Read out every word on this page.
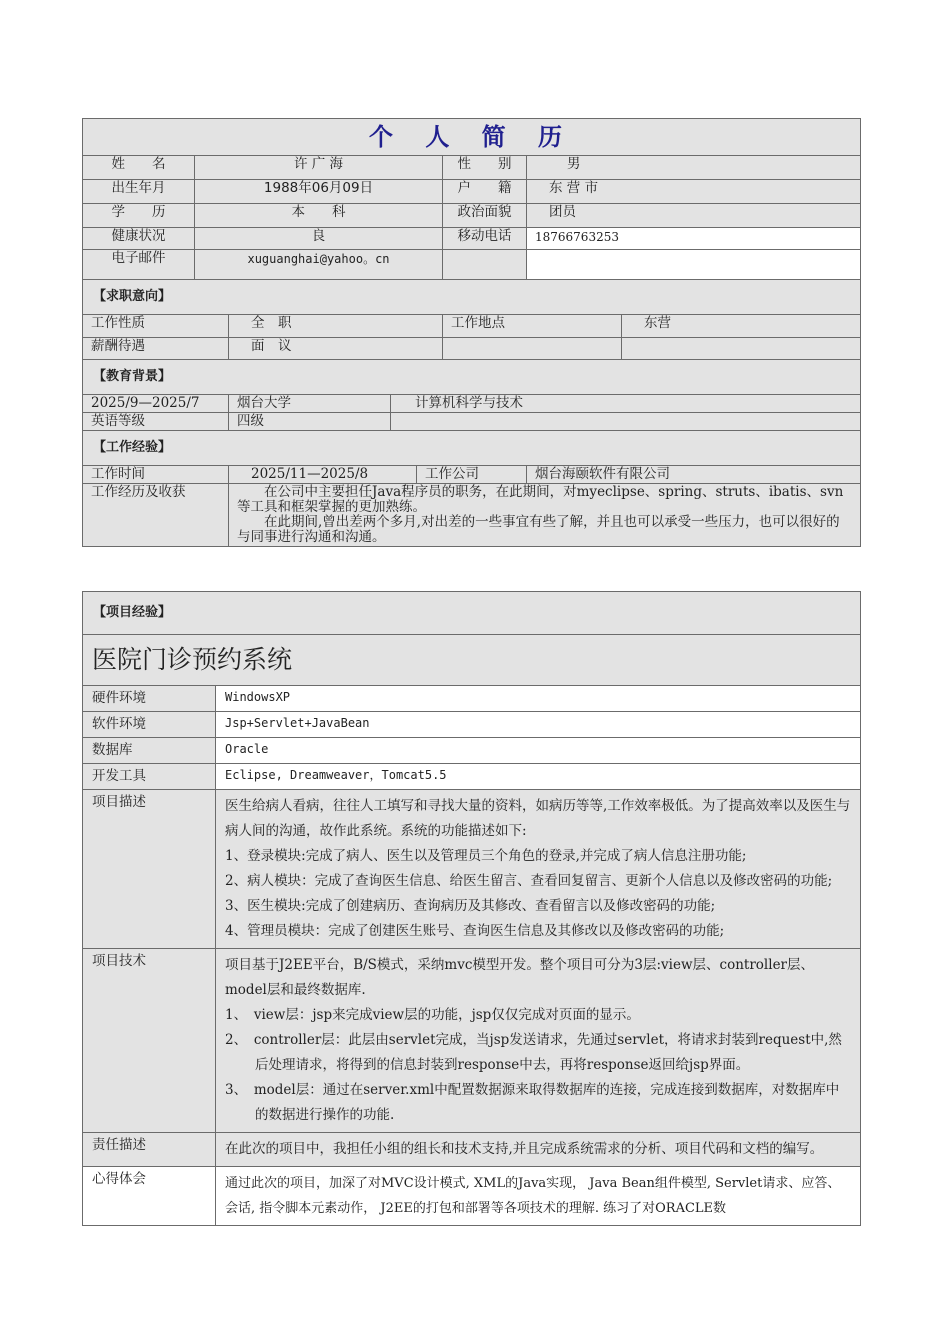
个 人 简 历							
姓　　名	许 广 海				性　　别	男	
出生年月	1988年06月09日				户　　籍	东 营 市	
学　　历	本　　科				政治面貌	团员	
健康状况	良				移动电话	18766763253	
电子邮件	xuguanghai@yahoo。cn						
【求职意向】							
工作性质		全　职			工作地点		东营
薪酬待遇		面　议					
【教育背景】							
2025/9—2025/7		烟台大学	计算机科学与技术				
英语等级		四级					
【工作经验】							
工作时间		2025/11—2025/8		工作公司		烟台海颐软件有限公司	
工作经历及收获		　　在公司中主要担任Java程序员的职务，在此期间，对myeclipse、spring、struts、ibatis、svn等工具和框架掌握的更加熟练。
　　在此期间,曾出差两个多月,对出差的一些事宜有些了解，并且也可以承受一些压力，也可以很好的与同事进行沟通和沟通。					
【项目经验】	
医院门诊预约系统	
硬件环境	WindowsXP
软件环境	Jsp+Servlet+JavaBean
数据库	Oracle
开发工具	Eclipse, Dreamweaver，Tomcat5.5
项目描述	医生给病人看病，往往人工填写和寻找大量的资料，如病历等等,工作效率极低。为了提高效率以及医生与病人间的沟通，故作此系统。系统的功能描述如下:

1、登录模块:完成了病人、医生以及管理员三个角色的登录,并完成了病人信息注册功能;

2、病人模块：完成了查询医生信息、给医生留言、查看回复留言、更新个人信息以及修改密码的功能;

3、医生模块:完成了创建病历、查询病历及其修改、查看留言以及修改密码的功能;

4、管理员模块：完成了创建医生账号、查询医生信息及其修改以及修改密码的功能;

项目技术	项目基于J2EE平台，B/S模式，采纳mvc模型开发。整个项目可分为3层:view层、controller层、model层和最终数据库.

1、　view层：jsp来完成view层的功能，jsp仅仅完成对页面的显示。

2、　controller层：此层由servlet完成，当jsp发送请求，先通过servlet，将请求封装到request中,然后处理请求，将得到的信息封装到response中去，再将response返回给jsp界面。

3、　model层：通过在server.xml中配置数据源来取得数据库的连接，完成连接到数据库，对数据库中的数据进行操作的功能.

责任描述	在此次的项目中，我担任小组的组长和技术支持,并且完成系统需求的分析、项目代码和文档的编写。
心得体会	通过此次的项目，加深了对MVC设计模式, XML的Java实现， Java Bean组件模型, Servlet请求、应答、会话, 指令脚本元素动作， J2EE的打包和部署等各项技术的理解. 练习了对ORACLE数
